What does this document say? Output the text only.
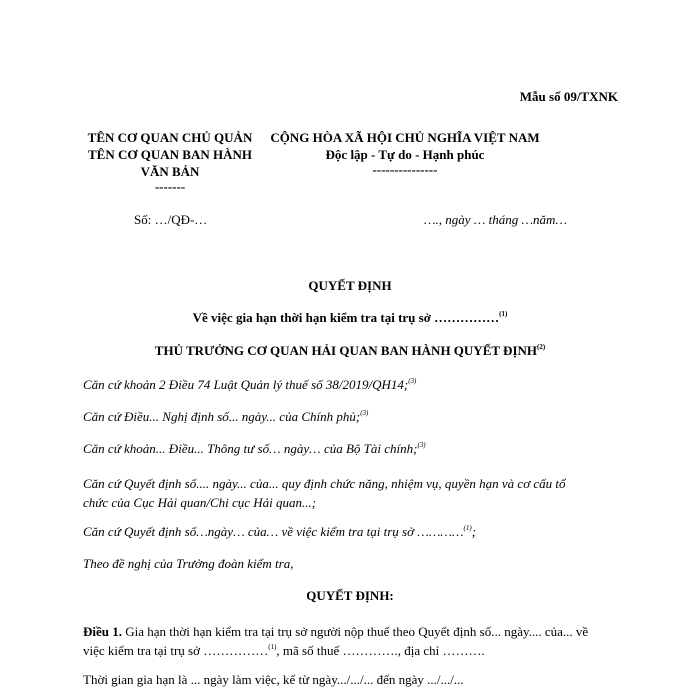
Mẫu số 09/TXNK
TÊN CƠ QUAN CHỦ QUẢN
TÊN CƠ QUAN BAN HÀNH
VĂN BẢN
-------
CỘNG HÒA XÃ HỘI CHỦ NGHĨA VIỆT NAM
Độc lập - Tự do - Hạnh phúc
---------------
Số: …/QĐ-…	…., ngày … tháng …năm…
QUYẾT ĐỊNH
Về việc gia hạn thời hạn kiểm tra tại trụ sở ……………$^{(1)}$
THỦ TRƯỞNG CƠ QUAN HẢI QUAN BAN HÀNH QUYẾT ĐỊNH$^{(2)}$
Căn cứ khoản 2 Điều 74 Luật Quản lý thuế số 38/2019/QH14;$^{(3)}$
Căn cứ Điều... Nghị định số... ngày... của Chính phủ;$^{(3)}$
Căn cứ khoản... Điều... Thông tư số… ngày… của Bộ Tài chính;$^{(3)}$
Căn cứ Quyết định số.... ngày... của... quy định chức năng, nhiệm vụ, quyền hạn và cơ cấu tổ
chức của Cục Hải quan/Chi cục Hải quan...;
Căn cứ Quyết định số…ngày… của… về việc kiểm tra tại trụ sở …………$^{(1)}$;
Theo đề nghị của Trưởng đoàn kiểm tra,
QUYẾT ĐỊNH:
Điều 1. Gia hạn thời hạn kiểm tra tại trụ sở người nộp thuế theo Quyết định số... ngày.... của... về
việc kiểm tra tại trụ sở ……………$^{(1)}$, mã số thuế …………., địa chỉ ……….
Thời gian gia hạn là ... ngày làm việc, kể từ ngày.../.../... đến ngày .../.../...
